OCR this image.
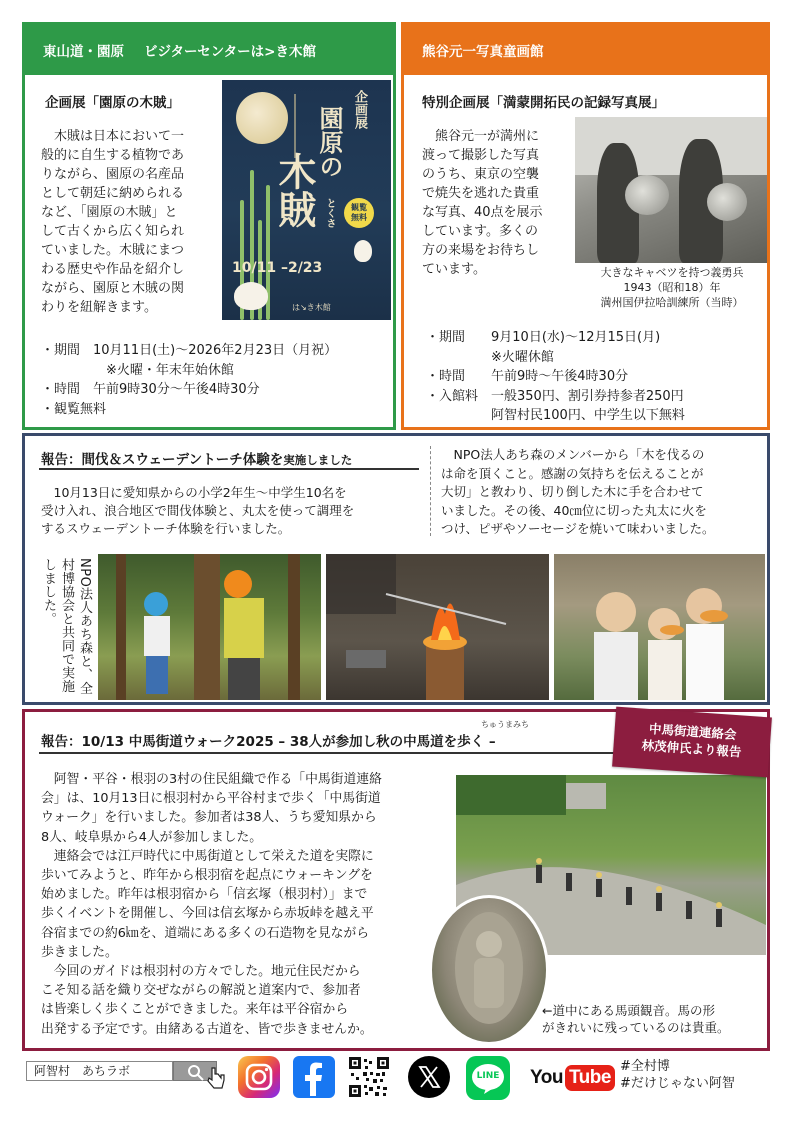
東山道・園原 ビジターセンターは>き木館
企画展「園原の木賊」
　木賊は日本において一
般的に自生する植物であ
りながら、園原の名産品
として朝廷に納められる
など、「園原の木賊」と
して古くから広く知られ
ていました。木賊にまつ
わる歴史や作品を紹介し
ながら、園原と木賊の関
わりを紐解きます。
企画展
園原の
木賊 とくさ	観覧
無料
10/11 –2/23
は↘き木館
・期間　10月11日(土)～2026年2月23日（月祝）
　　　　　※火曜・年末年始休館
・時間　午前9時30分～午後4時30分
・観覧無料
熊谷元一写真童画館
特別企画展「満蒙開拓民の記録写真展」
　熊谷元一が満州に
渡って撮影した写真
のうち、東京の空襲
で焼失を逃れた貴重
な写真、40点を展示
しています。多くの
方の来場をお待ちし
ています。	大きなキャベツを持つ義勇兵
1943（昭和18）年
満州国伊拉哈訓練所（当時）
・期間　　9月10日(水)～12月15日(月)
　　　　　※火曜休館
・時間　　午前9時～午後4時30分
・入館料　一般350円、割引券持参者250円
　　　　　阿智村民100円、中学生以下無料
報告：間伐＆スウェーデントーチ体験を実施しました
　10月13日に愛知県からの小学2年生～中学生10名を
受け入れ、浪合地区で間伐体験と、丸太を使って調理を
するスウェーデントーチ体験を行いました。
　NPO法人あち森のメンバーから「木を伐るの
は命を頂くこと。感謝の気持ちを伝えることが
大切」と教わり、切り倒した木に手を合わせて
いました。その後、40㎝位に切った丸太に火を
つけ、ピザやソーセージを焼いて味わいました。
NPO法人あち森と、全村博協会と共同で実施しました。
ちゅうまみち
報告：10/13 中馬街道ウォーク2025 – 38人が参加し秋の中馬道を歩く –
　阿智・平谷・根羽の3村の住民組織で作る「中馬街道連絡
会」は、10月13日に根羽村から平谷村まで歩く「中馬街道
ウォーク」を行いました。参加者は38人、うち愛知県から
8人、岐阜県から4人が参加しました。
　連絡会では江戸時代に中馬街道として栄えた道を実際に
歩いてみようと、昨年から根羽宿を起点にウォーキングを
始めました。昨年は根羽宿から「信玄塚（根羽村）」まで
歩くイベントを開催し、今回は信玄塚から赤坂峠を越え平
谷宿までの約6㎞を、道端にある多くの石造物を見ながら
歩きました。
　今回のガイドは根羽村の方々でした。地元住民だから
こそ知る話を織り交ぜながらの解説と道案内で、参加者
は皆楽しく歩くことができました。来年は平谷宿から
出発する予定です。由緒ある古道を、皆で歩きませんか。
←道中にある馬頭観音。馬の形
がきれいに残っているのは貴重。
中馬街道連絡会
林茂伸氏より報告
阿智村　あちラボ	LINE	You Tube
#全村博
#だけじゃない阿智
